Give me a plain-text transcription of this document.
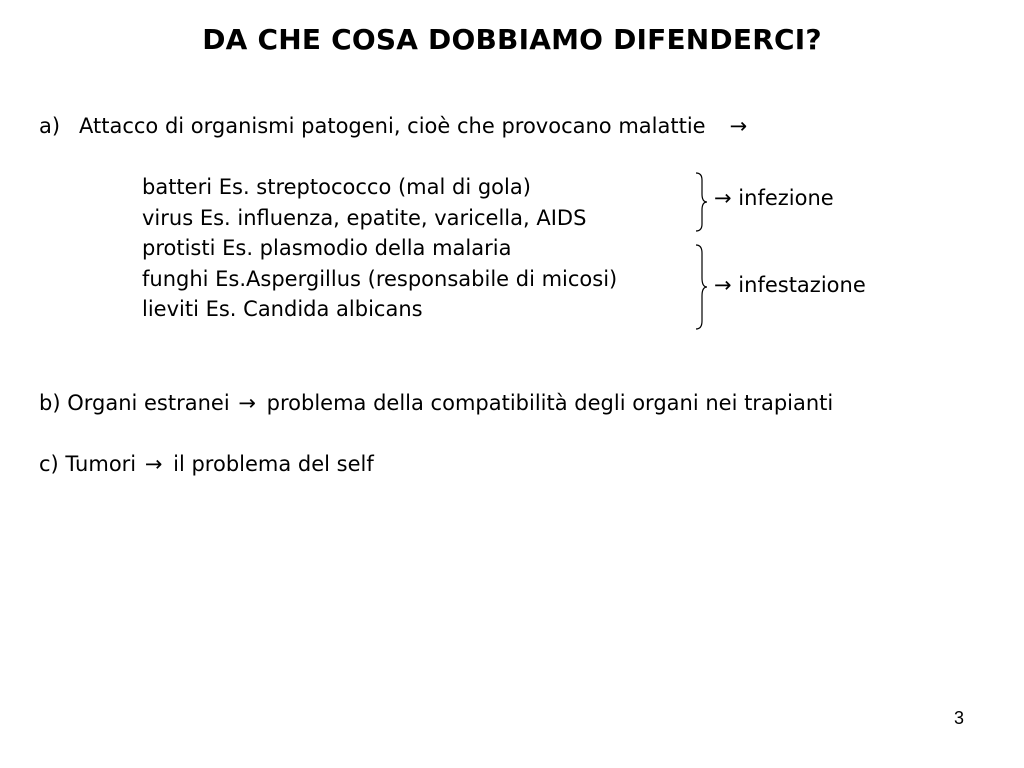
DA CHE COSA DOBBIAMO DIFENDERCI?
a) Attacco di organismi patogeni, cioè che provocano malattie →
batteri Es. streptococco (mal di gola)
virus Es. influenza, epatite, varicella, AIDS
protisti Es. plasmodio della malaria
funghi Es.Aspergillus (responsabile di micosi)
lieviti Es. Candida albicans
→ infezione
→ infestazione
b) Organi estranei → problema della compatibilità degli organi nei trapianti
c) Tumori → il problema del self
3
